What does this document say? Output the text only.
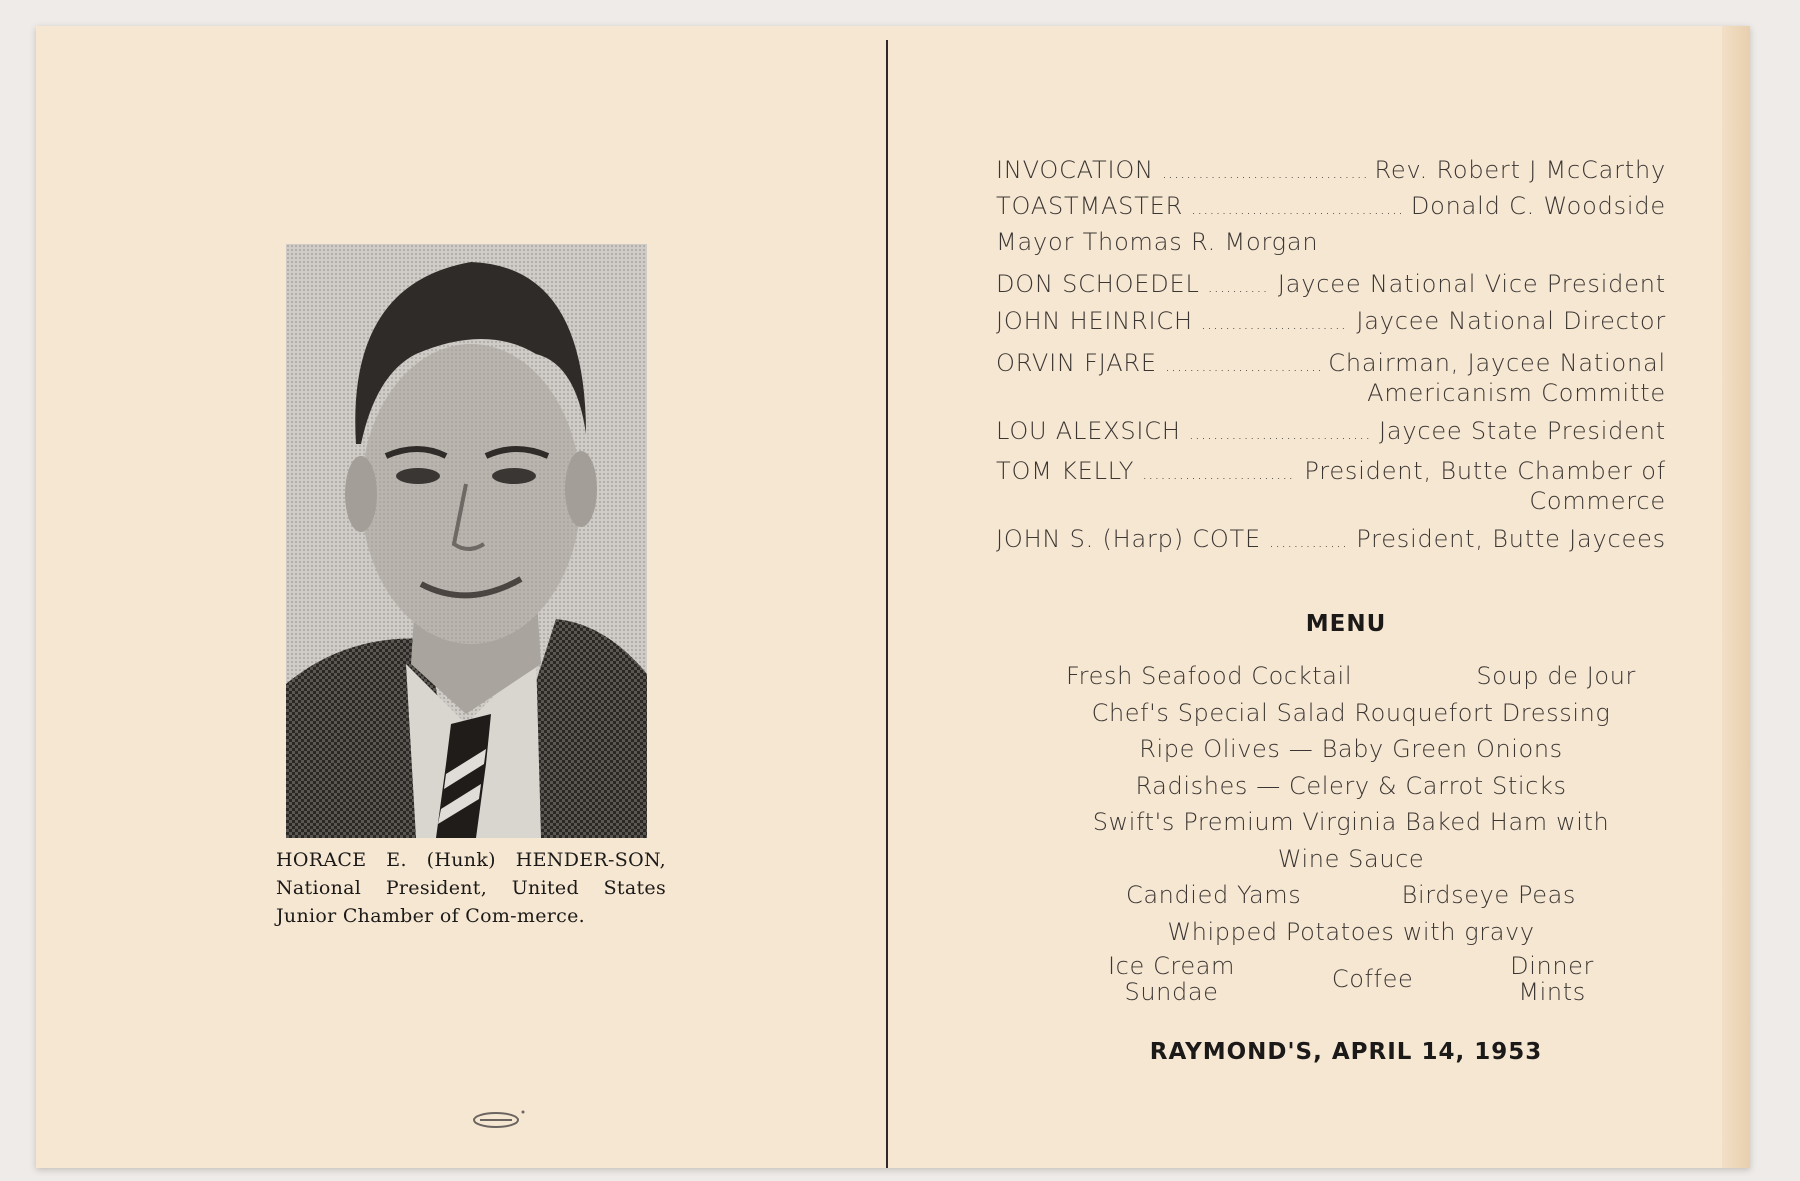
HORACE E. (Hunk) HENDER-SON, National President, United States Junior Chamber of Com-merce.
INVOCATION .....	Rev. Robert J McCarthy
TOASTMASTER .....	Donald C. Woodside
Mayor Thomas R. Morgan
DON SCHOEDEL .....	Jaycee National Vice President
JOHN HEINRICH .....	Jaycee National Director
ORVIN FJARE .....	Chairman, Jaycee National
Americanism Committe
LOU ALEXSICH .....	Jaycee State President
TOM KELLY .....	President, Butte Chamber of
Commerce
JOHN S. (Harp) COTE .....	President, Butte Jaycees
MENU
Fresh Seafood Cocktail	Soup de Jour
Chef's Special Salad Rouquefort Dressing
Ripe Olives — Baby Green Onions
Radishes — Celery & Carrot Sticks
Swift's Premium Virginia Baked Ham with
Wine Sauce
Candied Yams	Birdseye Peas
Whipped Potatoes with gravy
Ice Cream
Sundae	Coffee	Dinner
Mints
RAYMOND'S, APRIL 14, 1953
